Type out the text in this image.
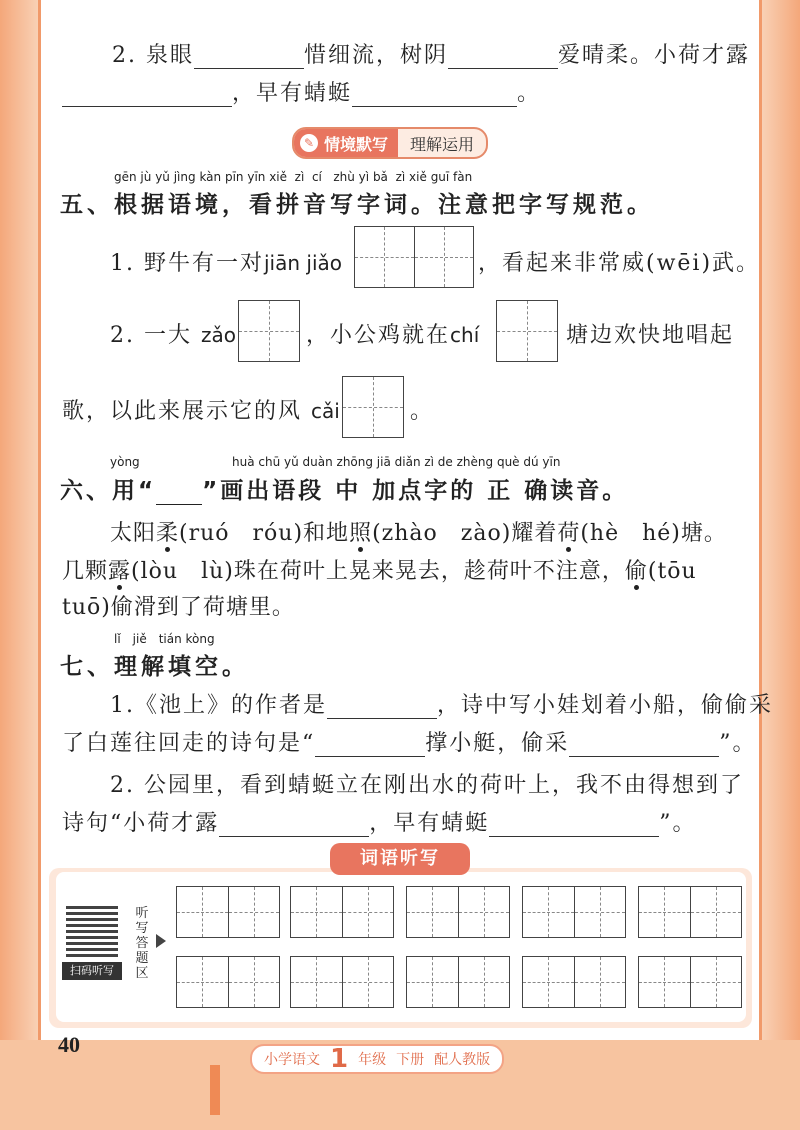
2. 泉眼	惜细流，树阴	爱晴柔。小荷才露
，早有蜻蜓	。
✎ 情境默写	理解运用
gēn jù yǔ jìng kàn pīn yīn xiě zì cí zhù yì bǎ zì xiě guī fàn
五、根据语境，看拼音写字词。注意把字写规范。
1. 野牛有一对jiān jiǎo	，看起来非常威(wēi)武。
2. 一大 zǎo	，小公鸡就在chí	塘边欢快地唱起
歌，以此来展示它的风 cǎi	。
yòng	huà chū yǔ duàn zhōng jiā diǎn zì de zhèng què dú yīn
六、用“ ”画出语段 中 加点字的 正 确读音。
太阳柔(ruó　róu)和地照(zhào　zào)耀着荷(hè　hé)塘。
几颗露(lòu　lù)珠在荷叶上晃来晃去，趁荷叶不注意，偷(tōu
tuō)偷滑到了荷塘里。
lǐ　jiě　tián kòng
七、理解填空。
1.《池上》的作者是	，诗中写小娃划着小船，偷偷采
了白莲往回走的诗句是“	撑小艇，偷采	”。
2. 公园里，看到蜻蜓立在刚出水的荷叶上，我不由得想到了
诗句“小荷才露	，早有蜻蜓	”。
词语听写
扫码听写
听写答题区
40
小学语文 1 年级 下册 配人教版
